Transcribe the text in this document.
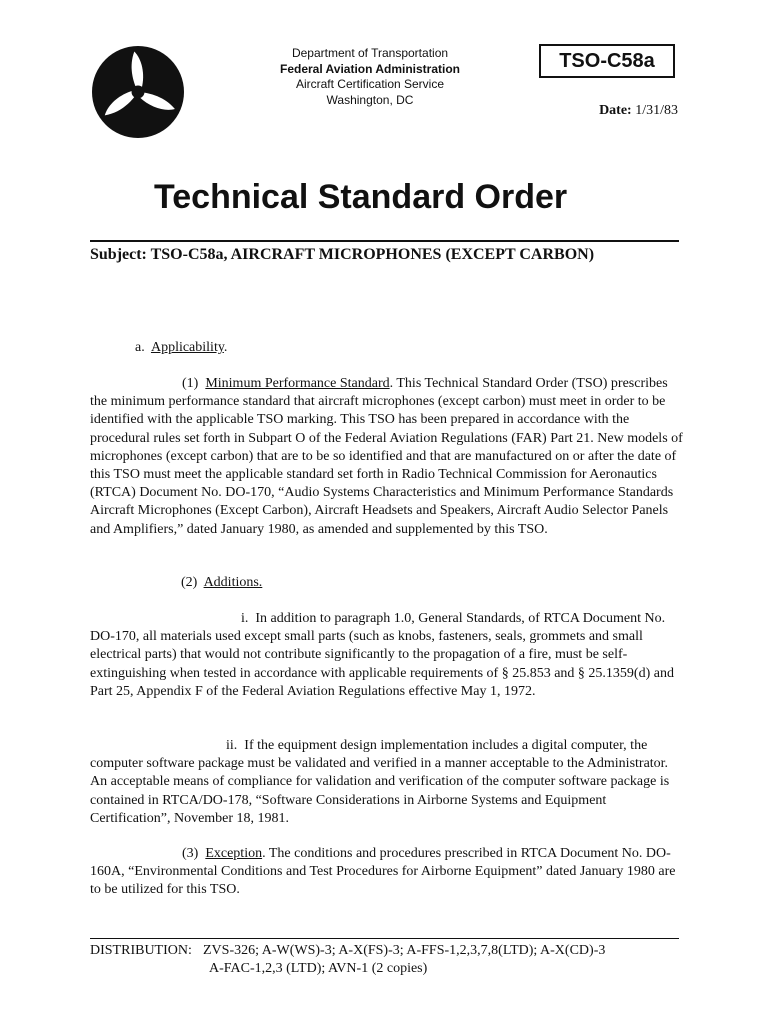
Department of Transportation
Federal Aviation Administration
Aircraft Certification Service
Washington, DC
TSO-C58a
Date: 1/31/83
Technical Standard Order
Subject: TSO-C58a, AIRCRAFT MICROPHONES (EXCEPT CARBON)
a. Applicability.
(1) Minimum Performance Standard. This Technical Standard Order (TSO) prescribes the minimum performance standard that aircraft microphones (except carbon) must meet in order to be identified with the applicable TSO marking. This TSO has been prepared in accordance with the procedural rules set forth in Subpart O of the Federal Aviation Regulations (FAR) Part 21. New models of microphones (except carbon) that are to be so identified and that are manufactured on or after the date of this TSO must meet the applicable standard set forth in Radio Technical Commission for Aeronautics (RTCA) Document No. DO-170, “Audio Systems Characteristics and Minimum Performance Standards Aircraft Microphones (Except Carbon), Aircraft Headsets and Speakers, Aircraft Audio Selector Panels and Amplifiers,” dated January 1980, as amended and supplemented by this TSO.
(2) Additions.
i. In addition to paragraph 1.0, General Standards, of RTCA Document No. DO-170, all materials used except small parts (such as knobs, fasteners, seals, grommets and small electrical parts) that would not contribute significantly to the propagation of a fire, must be self-extinguishing when tested in accordance with applicable requirements of § 25.853 and § 25.1359(d) and Part 25, Appendix F of the Federal Aviation Regulations effective May 1, 1972.
ii. If the equipment design implementation includes a digital computer, the computer software package must be validated and verified in a manner acceptable to the Administrator. An acceptable means of compliance for validation and verification of the computer software package is contained in RTCA/DO-178, “Software Considerations in Airborne Systems and Equipment Certification”, November 18, 1981.
(3) Exception. The conditions and procedures prescribed in RTCA Document No. DO-160A, “Environmental Conditions and Test Procedures for Airborne Equipment” dated January 1980 are to be utilized for this TSO.
DISTRIBUTION: ZVS-326; A-W(WS)-3; A-X(FS)-3; A-FFS-1,2,3,7,8(LTD); A-X(CD)-3
A-FAC-1,2,3 (LTD); AVN-1 (2 copies)
